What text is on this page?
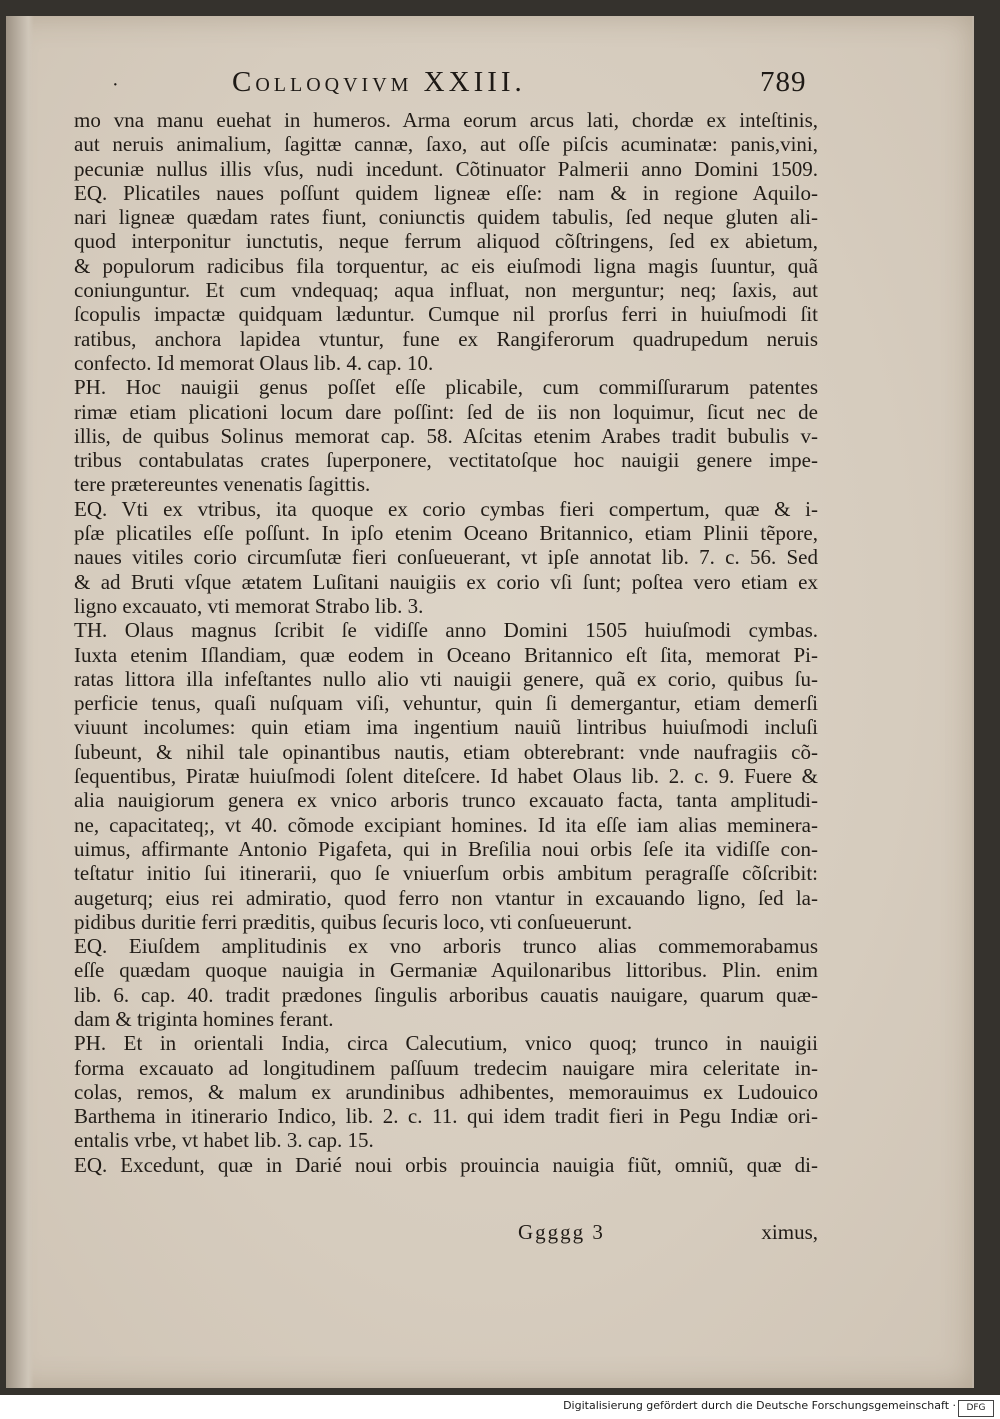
·	Colloqvivm XXIII.	789
mo vna manu euehat in humeros. Arma eorum arcus lati, chordæ ex inteſtinis,
aut neruis animalium, ſagittæ cannæ, ſaxo, aut oſſe piſcis acuminatæ: panis,vini,
pecuniæ nullus illis vſus, nudi incedunt. Cõtinuator Palmerii anno Domini 1509.
EQ. Plicatiles naues poſſunt quidem ligneæ eſſe: nam & in regione Aquilo-
nari ligneæ quædam rates fiunt, coniunctis quidem tabulis, ſed neque gluten ali-
quod interponitur iunctutis, neque ferrum aliquod cõſtringens, ſed ex abietum,
& populorum radicibus fila torquentur, ac eis eiuſmodi ligna magis ſuuntur, quã
coniunguntur. Et cum vndequaq; aqua influat, non merguntur; neq; ſaxis, aut
ſcopulis impactæ quidquam læduntur. Cumque nil prorſus ferri in huiuſmodi ſit
ratibus, anchora lapidea vtuntur, fune ex Rangiferorum quadrupedum neruis
confecto. Id memorat Olaus lib. 4. cap. 10.
PH. Hoc nauigii genus poſſet eſſe plicabile, cum commiſſurarum patentes
rimæ etiam plicationi locum dare poſſint: ſed de iis non loquimur, ſicut nec de
illis, de quibus Solinus memorat cap. 58. Aſcitas etenim Arabes tradit bubulis v-
tribus contabulatas crates ſuperponere, vectitatoſque hoc nauigii genere impe-
tere prætereuntes venenatis ſagittis.
EQ. Vti ex vtribus, ita quoque ex corio cymbas fieri compertum, quæ & i-
pſæ plicatiles eſſe poſſunt. In ipſo etenim Oceano Britannico, etiam Plinii tẽpore,
naues vitiles corio circumſutæ fieri conſueuerant, vt ipſe annotat lib. 7. c. 56. Sed
& ad Bruti vſque ætatem Luſitani nauigiis ex corio vſi ſunt; poſtea vero etiam ex
ligno excauato, vti memorat Strabo lib. 3.
TH. Olaus magnus ſcribit ſe vidiſſe anno Domini 1505 huiuſmodi cymbas.
Iuxta etenim Iſlandiam, quæ eodem in Oceano Britannico eſt ſita, memorat Pi-
ratas littora illa infeſtantes nullo alio vti nauigii genere, quã ex corio, quibus ſu-
perficie tenus, quaſi nuſquam viſi, vehuntur, quin ſi demergantur, etiam demerſi
viuunt incolumes: quin etiam ima ingentium nauiũ lintribus huiuſmodi incluſi
ſubeunt, & nihil tale opinantibus nautis, etiam obterebrant: vnde naufragiis cõ-
ſequentibus, Piratæ huiuſmodi ſolent diteſcere. Id habet Olaus lib. 2. c. 9. Fuere &
alia nauigiorum genera ex vnico arboris trunco excauato facta, tanta amplitudi-
ne, capacitateq;, vt 40. cõmode excipiant homines. Id ita eſſe iam alias meminera-
uimus, affirmante Antonio Pigafeta, qui in Breſilia noui orbis ſeſe ita vidiſſe con-
teſtatur initio ſui itinerarii, quo ſe vniuerſum orbis ambitum peragraſſe cõſcribit:
augeturq; eius rei admiratio, quod ferro non vtantur in excauando ligno, ſed la-
pidibus duritie ferri præditis, quibus ſecuris loco, vti conſueuerunt.
EQ. Eiuſdem amplitudinis ex vno arboris trunco alias commemorabamus
eſſe quædam quoque nauigia in Germaniæ Aquilonaribus littoribus. Plin. enim
lib. 6. cap. 40. tradit prædones ſingulis arboribus cauatis nauigare, quarum quæ-
dam & triginta homines ferant.
PH. Et in orientali India, circa Calecutium, vnico quoq; trunco in nauigii
forma excauato ad longitudinem paſſuum tredecim nauigare mira celeritate in-
colas, remos, & malum ex arundinibus adhibentes, memorauimus ex Ludouico
Barthema in itinerario Indico, lib. 2. c. 11. qui idem tradit fieri in Pegu Indiæ ori-
entalis vrbe, vt habet lib. 3. cap. 15.
EQ. Excedunt, quæ in Darié noui orbis prouincia nauigia fiũt, omniũ, quæ di-
Ggggg 3	ximus,
Digitalisierung gefördert durch die Deutsche Forschungsgemeinschaft ·	DFG
